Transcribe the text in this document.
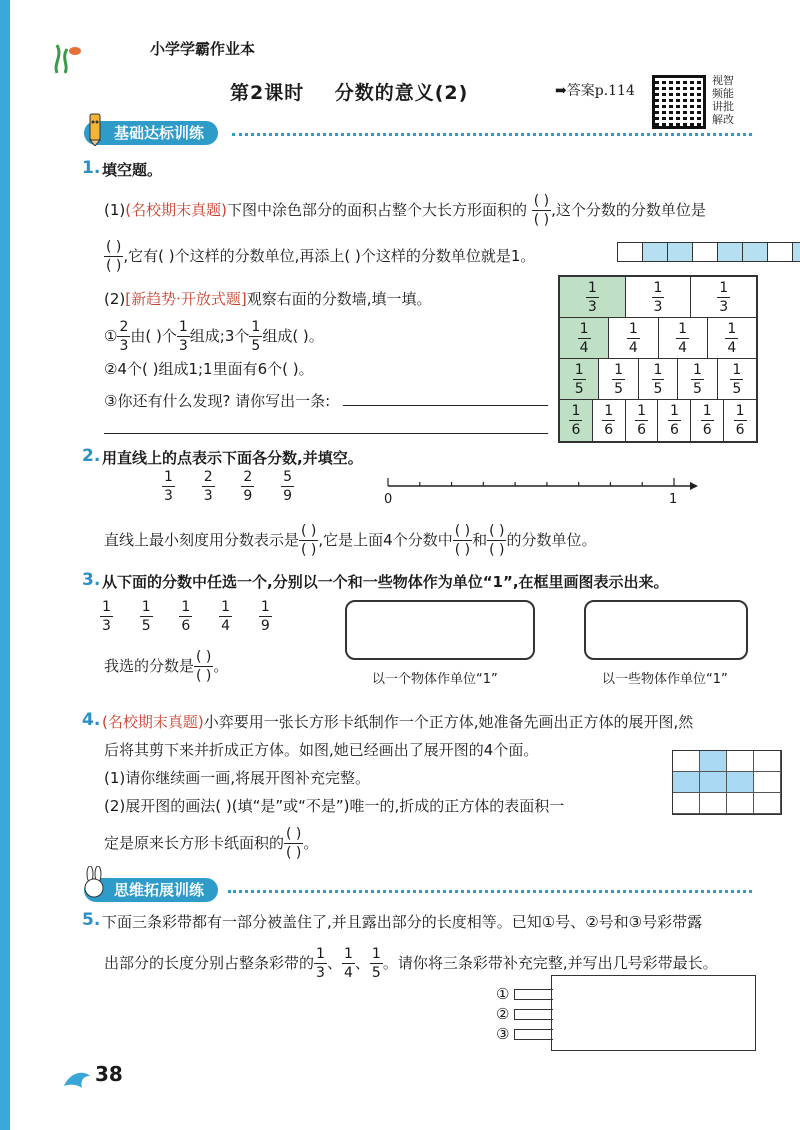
小学学霸作业本
第2课时 分数的意义(2)	➡答案p.114
视智
频能
讲批
解改
基础达标训练
1. 填空题。
(1)(名校期末真题)下图中涂色部分的面积占整个大长方形面积的 $\frac{( )}{( )}$ ,这个分数的分数单位是
$\frac{( )}{( )}$ ,它有( )个这样的分数单位,再添上( )个这样的分数单位就是1。
(2)[新趋势·开放式题]观察右面的分数墙,填一填。
① $\frac{2}{3}$ 由( )个 $\frac{1}{3}$ 组成;3个 $\frac{1}{5}$ 组成( )。
②4个( )组成1;1里面有6个( )。
③你还有什么发现? 请你写出一条:
$\frac{1}{3}$	$\frac{1}{3}$	$\frac{1}{3}$
$\frac{1}{4}$	$\frac{1}{4}$	$\frac{1}{4}$	$\frac{1}{4}$
$\frac{1}{5} \frac{1}{5} \frac{1}{5} \frac{1}{5} \frac{1}{5}$
$\frac{1}{6} \frac{1}{6} \frac{1}{6} \frac{1}{6} \frac{1}{6} \frac{1}{6}$
2. 用直线上的点表示下面各分数,并填空。
$\frac{1}{3}$
$\frac{2}{3}$
$\frac{2}{9}$
$\frac{5}{9}$	0	1
直线上最小刻度用分数表示是 $\frac{( )}{( )}$ ,它是上面4个分数中 $\frac{( )}{( )}$ 和 $\frac{( )}{( )}$ 的分数单位。
3. 从下面的分数中任选一个,分别以一个和一些物体作为单位“1”,在框里画图表示出来。
$\frac{1}{3}$
$\frac{1}{5}$
$\frac{1}{6}$
$\frac{1}{4}$
$\frac{1}{9}$
我选的分数是 $\frac{( )}{( )}$ 。
以一个物体作单位“1”	以一些物体作单位“1”
4. (名校期末真题)小弈要用一张长方形卡纸制作一个正方体,她准备先画出正方体的展开图,然
后将其剪下来并折成正方体。如图,她已经画出了展开图的4个面。
(1)请你继续画一画,将展开图补充完整。
(2)展开图的画法( )(填“是”或“不是”)唯一的,折成的正方体的表面积一
定是原来长方形卡纸面积的 $\frac{( )}{( )}$ 。
思维拓展训练
5. 下面三条彩带都有一部分被盖住了,并且露出部分的长度相等。已知①号、②号和③号彩带露
出部分的长度分别占整条彩带的 $\frac{1}{3}$ 、 $\frac{1}{4}$ 、 $\frac{1}{5}$ 。请你将三条彩带补充完整,并写出几号彩带最长。
①
②
③
38
